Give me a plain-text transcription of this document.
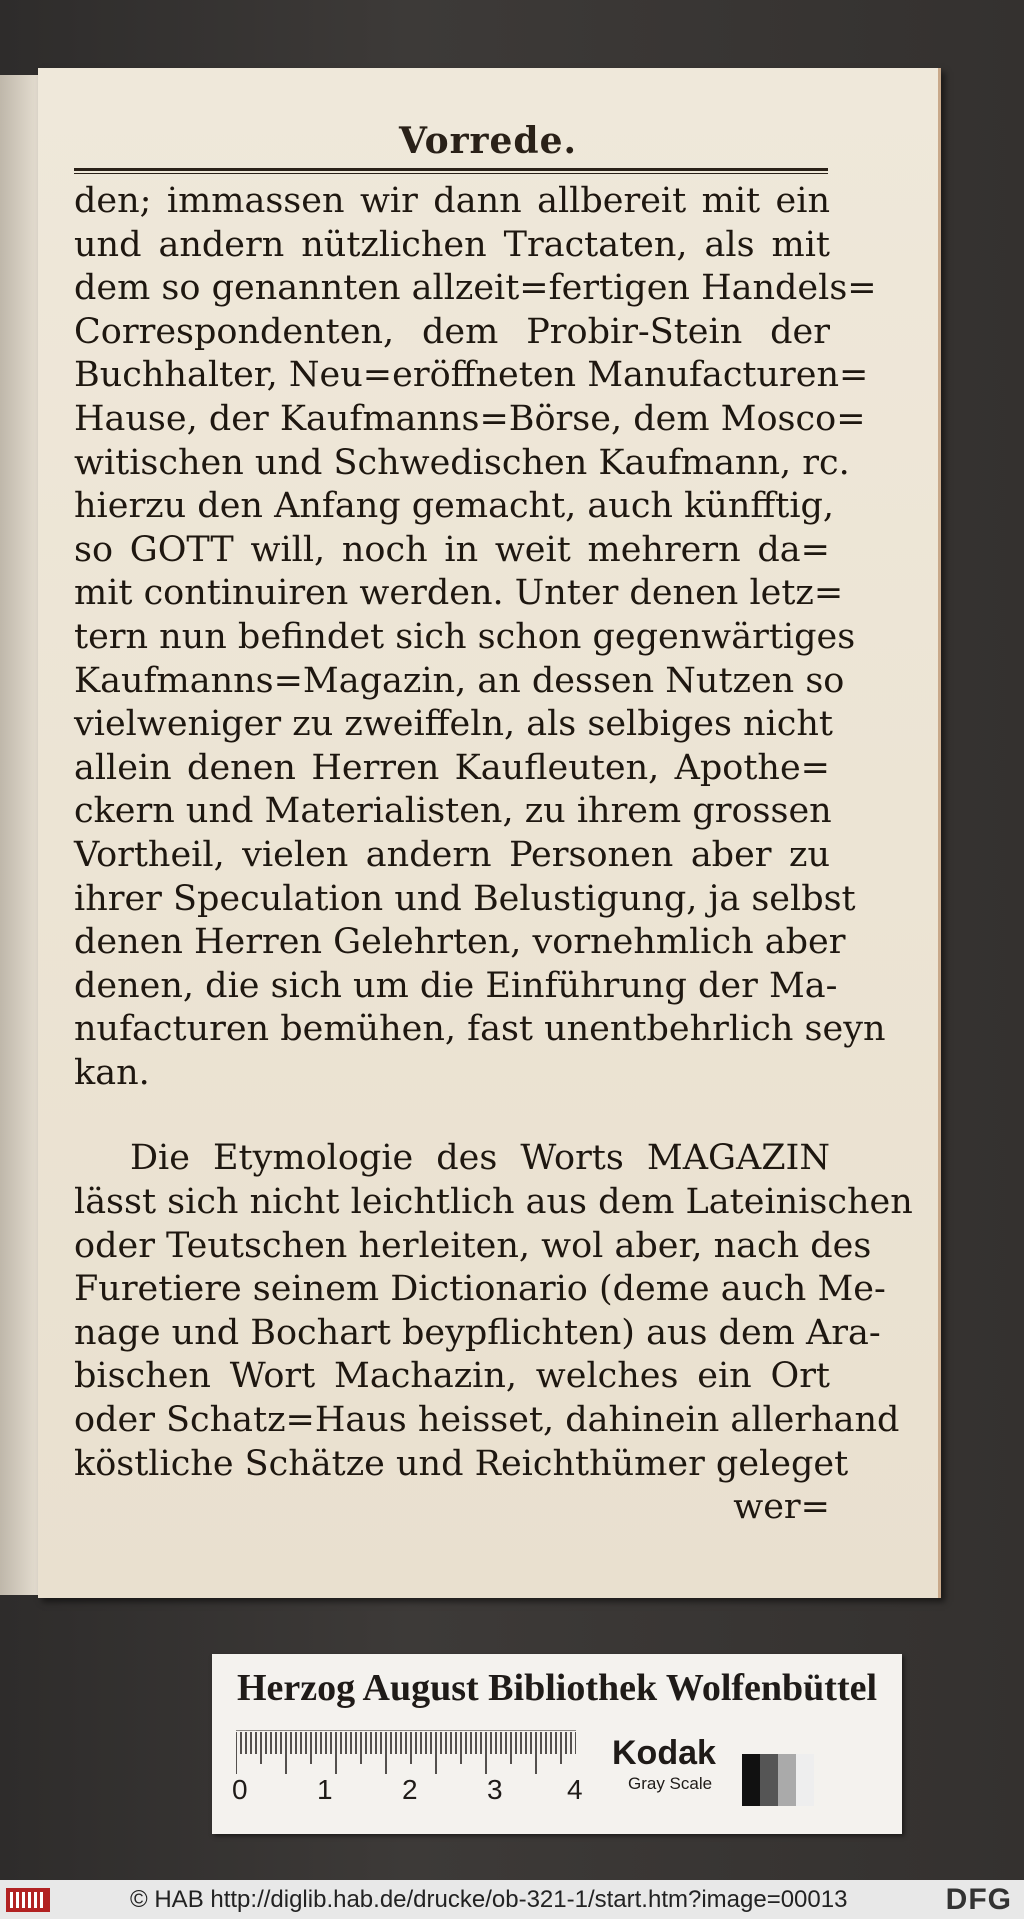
Vorrede.
den; immassen wir dann allbereit mit ein
und andern nützlichen Tractaten, als mit
dem so genannten allzeit=fertigen Handels=
Correspondenten, dem Probir-Stein der
Buchhalter, Neu=eröffneten Manufacturen=
Hause, der Kaufmanns=Börse, dem Mosco=
witischen und Schwedischen Kaufmann, rc.
hierzu den Anfang gemacht, auch künfftig,
so GOTT will, noch in weit mehrern da=
mit continuiren werden. Unter denen letz=
tern nun befindet sich schon gegenwärtiges
Kaufmanns=Magazin, an dessen Nutzen so
vielweniger zu zweiffeln, als selbiges nicht
allein denen Herren Kaufleuten, Apothe=
ckern und Materialisten, zu ihrem grossen
Vortheil, vielen andern Personen aber zu
ihrer Speculation und Belustigung, ja selbst
denen Herren Gelehrten, vornehmlich aber
denen, die sich um die Einführung der Ma-
nufacturen bemühen, fast unentbehrlich seyn
kan.
Die Etymologie des Worts MAGAZIN
lässt sich nicht leichtlich aus dem Lateinischen
oder Teutschen herleiten, wol aber, nach des
Furetiere seinem Dictionario (deme auch Me-
nage und Bochart beypflichten) aus dem Ara-
bischen Wort Machazin, welches ein Ort
oder Schatz=Haus heisset, dahinein allerhand
köstliche Schätze und Reichthümer geleget
wer=
Herzog August Bibliothek Wolfenbüttel
0 1 2 3 4
Kodak
Gray Scale
© HAB http://diglib.hab.de/drucke/ob-321-1/start.htm?image=00013	DFG
